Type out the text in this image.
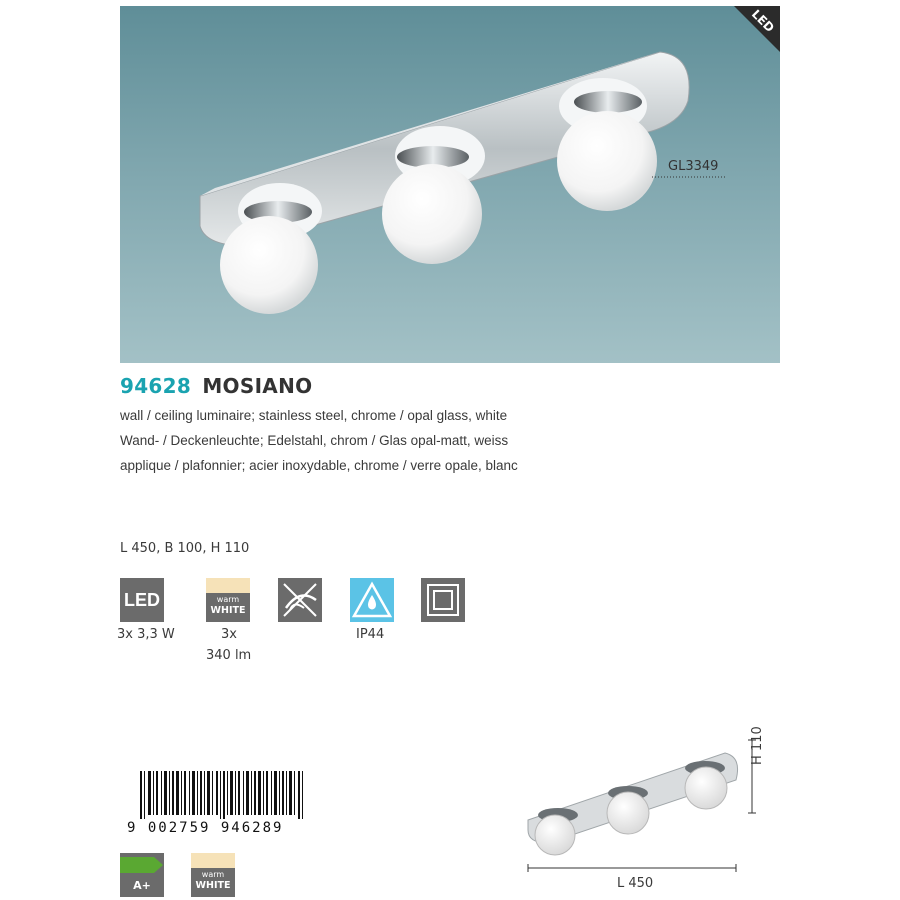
LED
GL3349
94628 MOSIANO
wall / ceiling luminaire; stainless steel, chrome / opal glass, white
Wand- / Deckenleuchte; Edelstahl, chrom / Glas opal-matt, weiss
applique / plafonnier; acier inoxydable, chrome / verre opale, blanc
L 450, B 100, H 110
LED	warm
WHITE
3x 3,3 W	3x
340 lm
IP44
9 002759 946289
A+
warm
WHITE
H 110
L 450
